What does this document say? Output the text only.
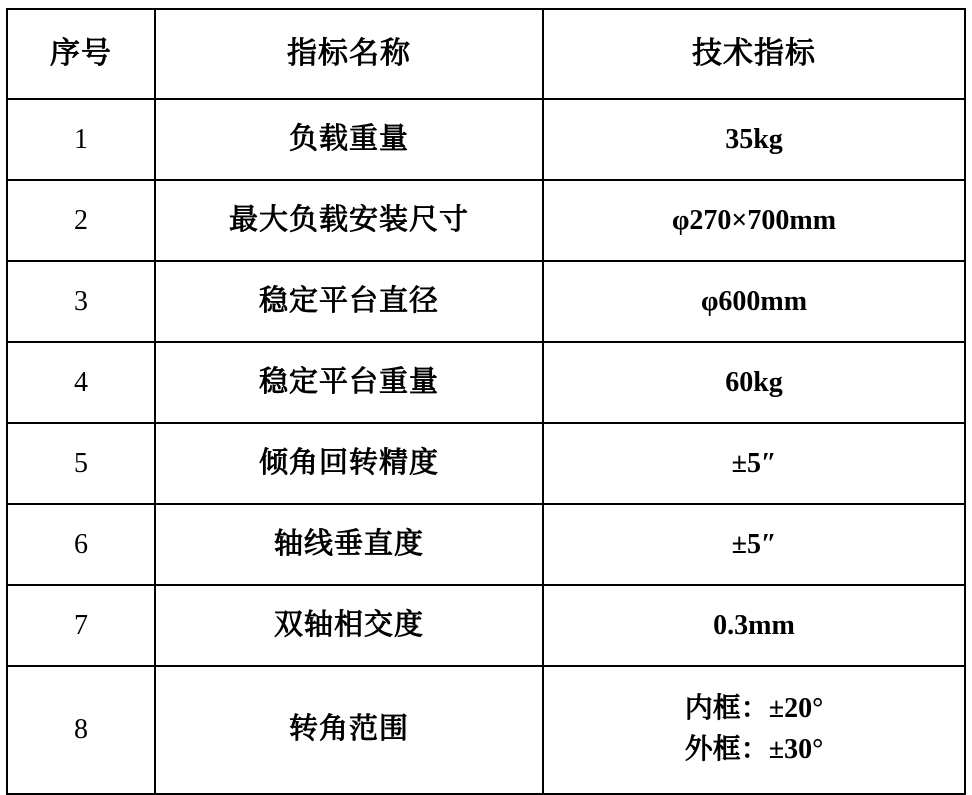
序号	指标名称	技术指标
1	负载重量	35kg
2	最大负载安装尺寸	φ270×700mm
3	稳定平台直径	φ600mm
4	稳定平台重量	60kg
5	倾角回转精度	±5″
6	轴线垂直度	±5″
7	双轴相交度	0.3mm
8	转角范围	内框：±20°
外框：±30°
